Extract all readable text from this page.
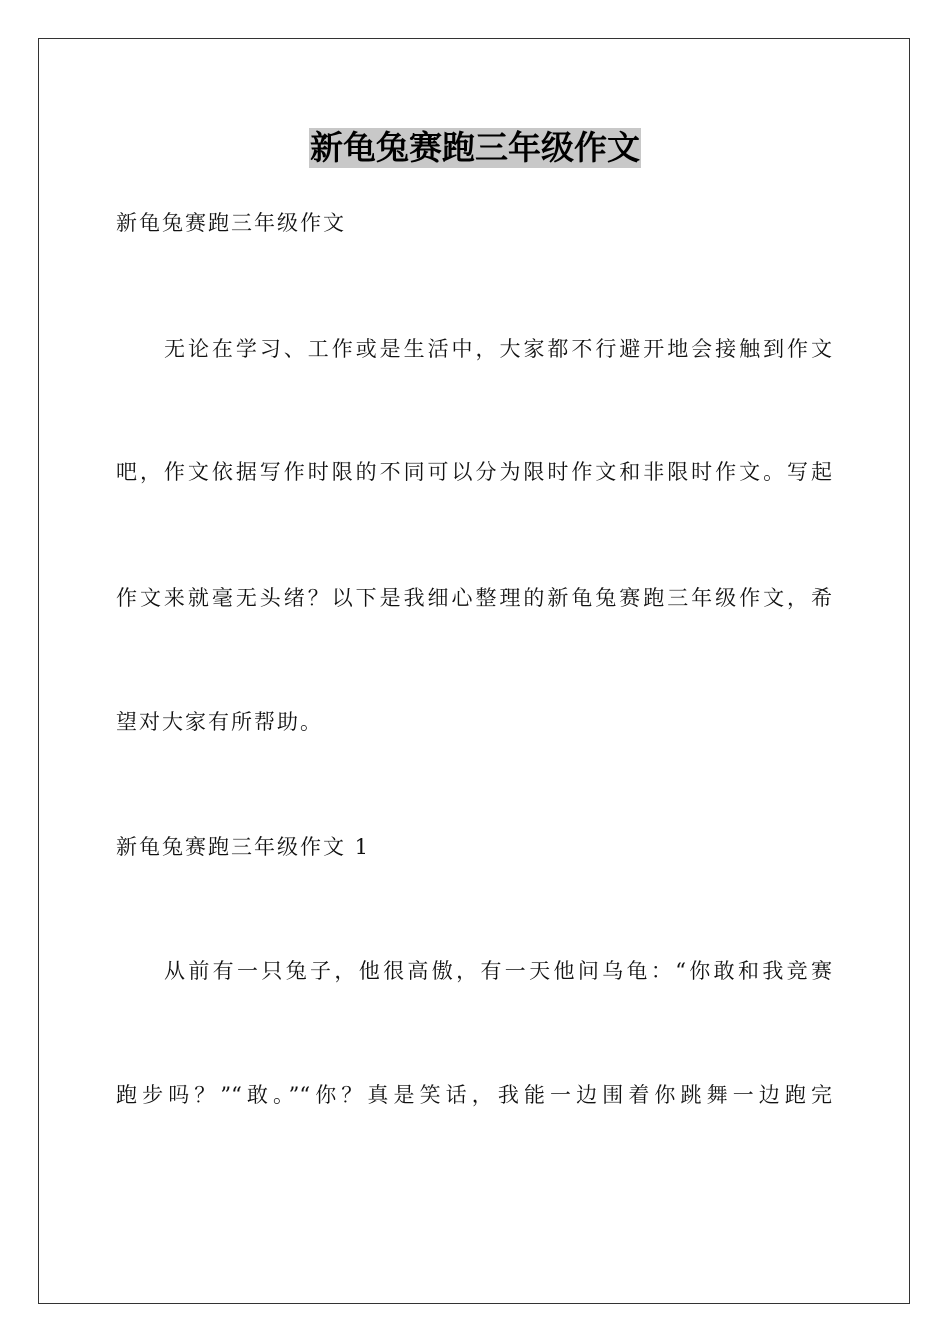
新龟兔赛跑三年级作文
新龟兔赛跑三年级作文
无论在学习、工作或是生活中，大家都不行避开地会接触到作文
吧，作文依据写作时限的不同可以分为限时作文和非限时作文。写起
作文来就毫无头绪？以下是我细心整理的新龟兔赛跑三年级作文，希
望对大家有所帮助。
新龟兔赛跑三年级作文 1
从前有一只兔子，他很高傲，有一天他问乌龟：“你敢和我竞赛
跑步吗？”“敢。”“你？真是笑话，我能一边围着你跳舞一边跑完
